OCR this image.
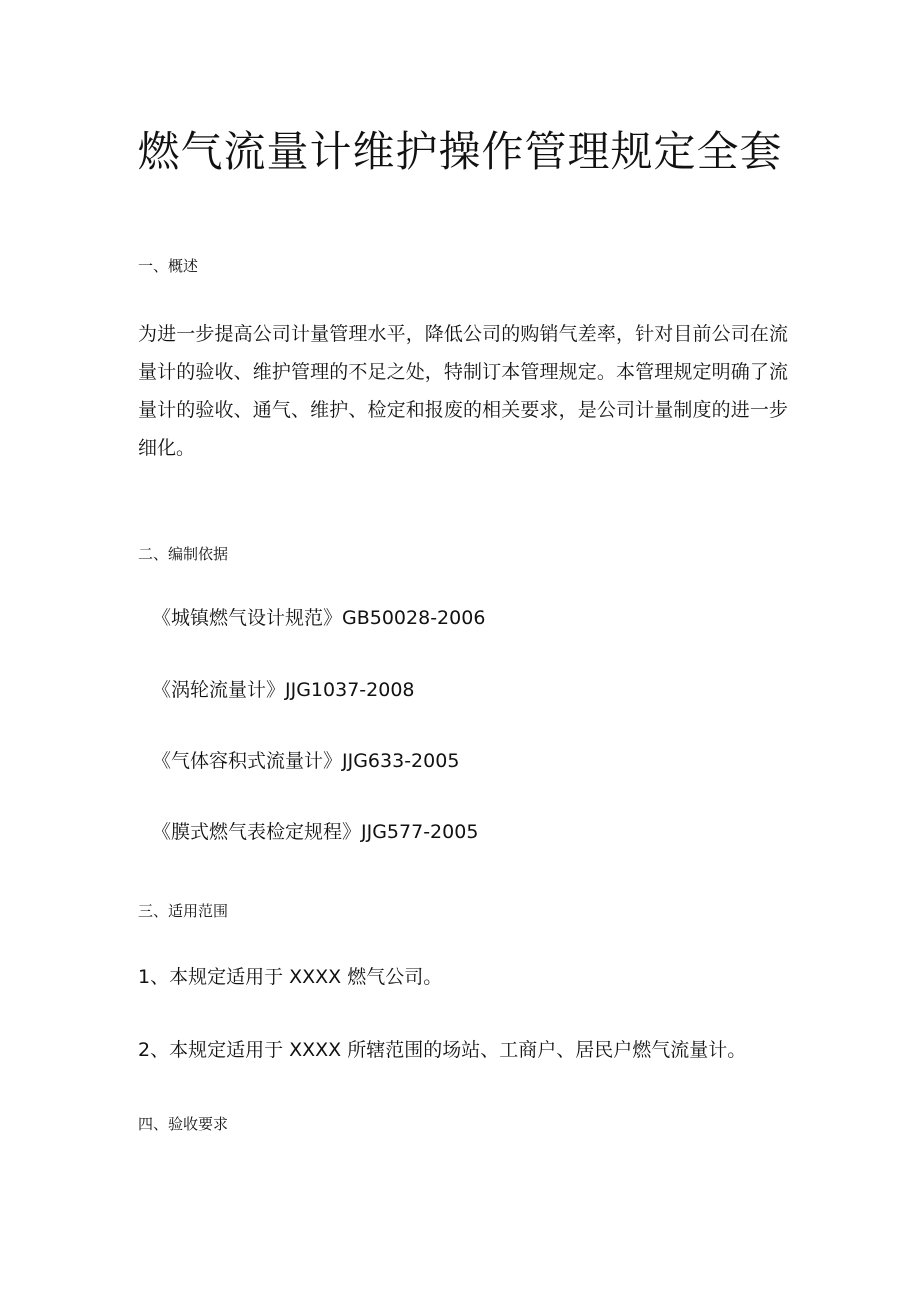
燃气流量计维护操作管理规定全套

一、概述

为进一步提高公司计量管理水平，降低公司的购销气差率，针对目前公司在流量计的验收、维护管理的不足之处，特制订本管理规定。本管理规定明确了流量计的验收、通气、维护、检定和报废的相关要求，是公司计量制度的进一步细化。

二、编制依据

《城镇燃气设计规范》GB50028-2006

《涡轮流量计》JJG1037-2008

《气体容积式流量计》JJG633-2005

《膜式燃气表检定规程》JJG577-2005

三、适用范围

1、本规定适用于 XXXX 燃气公司。

2、本规定适用于 XXXX 所辖范围的场站、工商户、居民户燃气流量计。

四、验收要求
